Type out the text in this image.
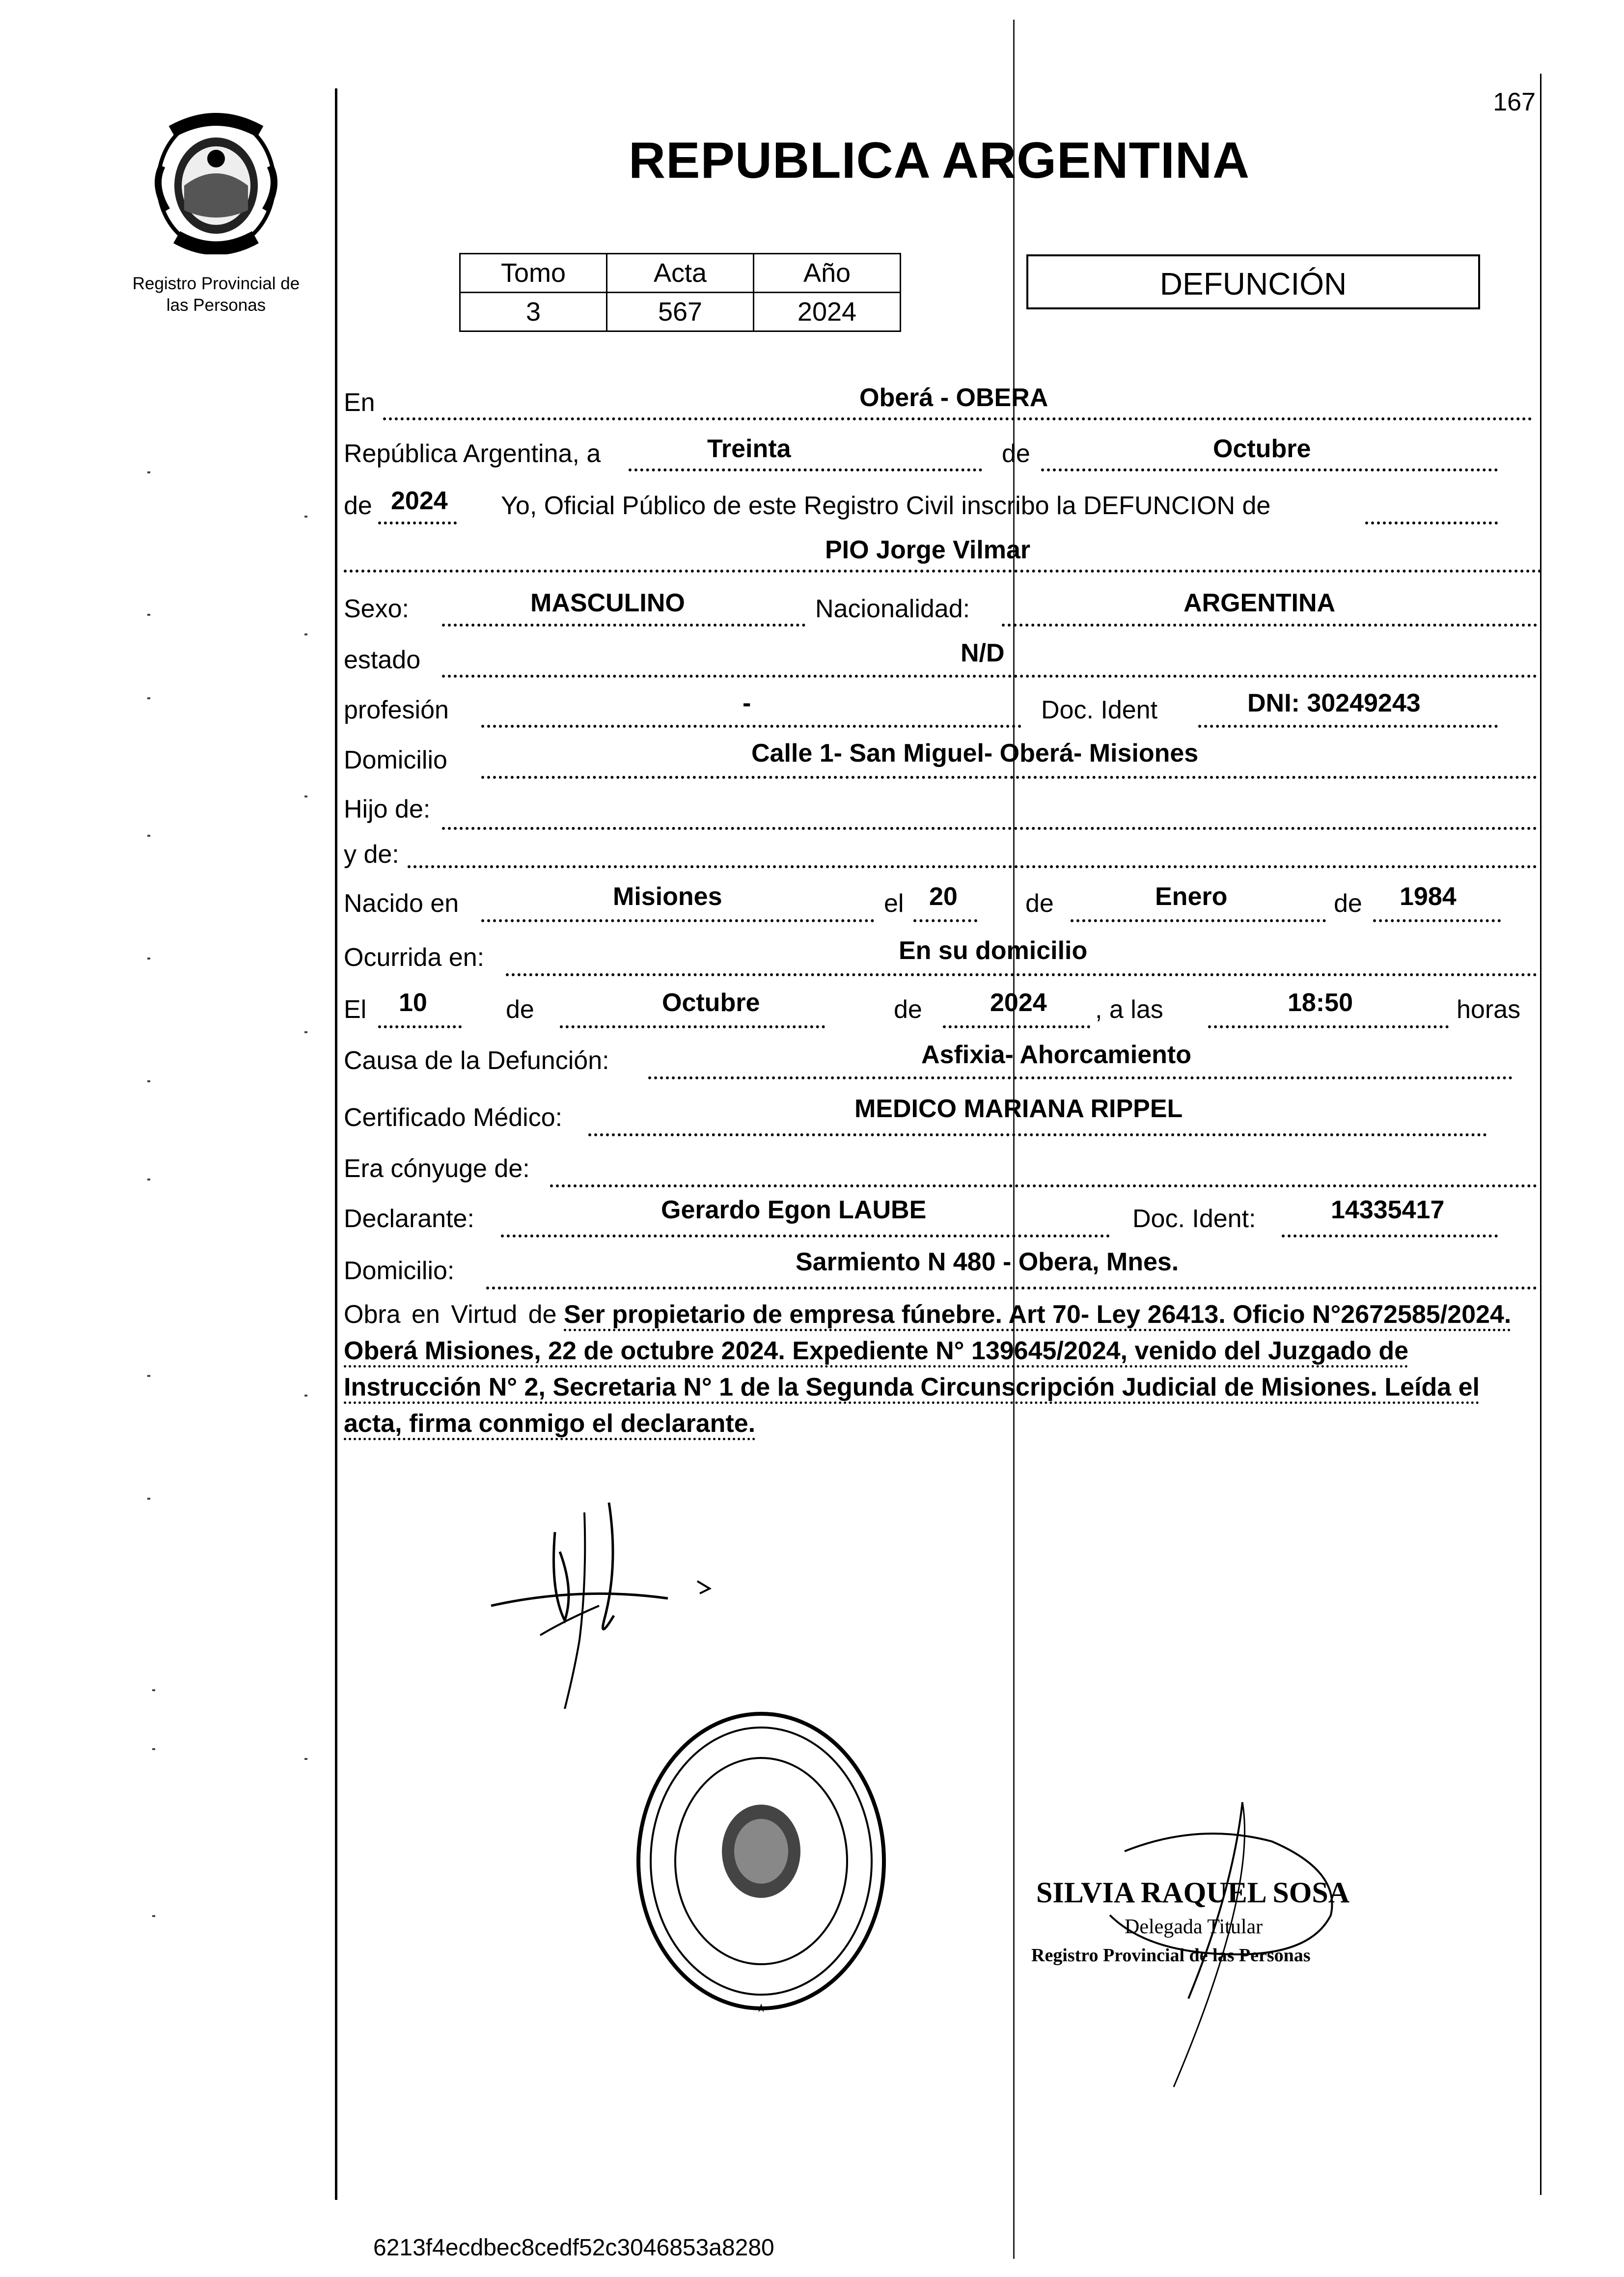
167
Registro Provincial de
las Personas
REPUBLICA ARGENTINA
Tomo	Acta	Año
3	567	2024
DEFUNCIÓN
En	Oberá - OBERA
República Argentina, a	Treinta	de	Octubre
de 2024 Yo, Oficial Público de este Registro Civil inscribo la DEFUNCION de
PIO Jorge Vilmar
Sexo:	MASCULINO	Nacionalidad:	ARGENTINA
estado	N/D
profesión	-	Doc. Ident	DNI: 30249243
Domicilio	Calle 1- San Miguel- Oberá- Misiones
Hijo de:
y de:
Nacido en	Misiones	el 20	de	Enero	de 1984
Ocurrida en:	En su domicilio
El 10	de	Octubre	de	2024 , a las	18:50	horas
Causa de la Defunción:	Asfixia- Ahorcamiento
Certificado Médico:	MEDICO MARIANA RIPPEL
Era cónyuge de:
Declarante:	Gerardo Egon LAUBE	Doc. Ident:	14335417
Domicilio:	Sarmiento N 480 - Obera, Mnes.
Obra en Virtud de Ser propietario de empresa fúnebre. Art 70- Ley 26413. Oficio N°2672585/2024. Oberá Misiones, 22 de octubre 2024. Expediente N° 139645/2024, venido del Juzgado de Instrucción N° 2, Secretaria N° 1 de la Segunda Circunscripción Judicial de Misiones. Leída el acta, firma conmigo el declarante.
SILVIA RAQUEL SOSA
Delegada Titular
Registro Provincial de las Personas
6213f4ecdbec8cedf52c3046853a8280
